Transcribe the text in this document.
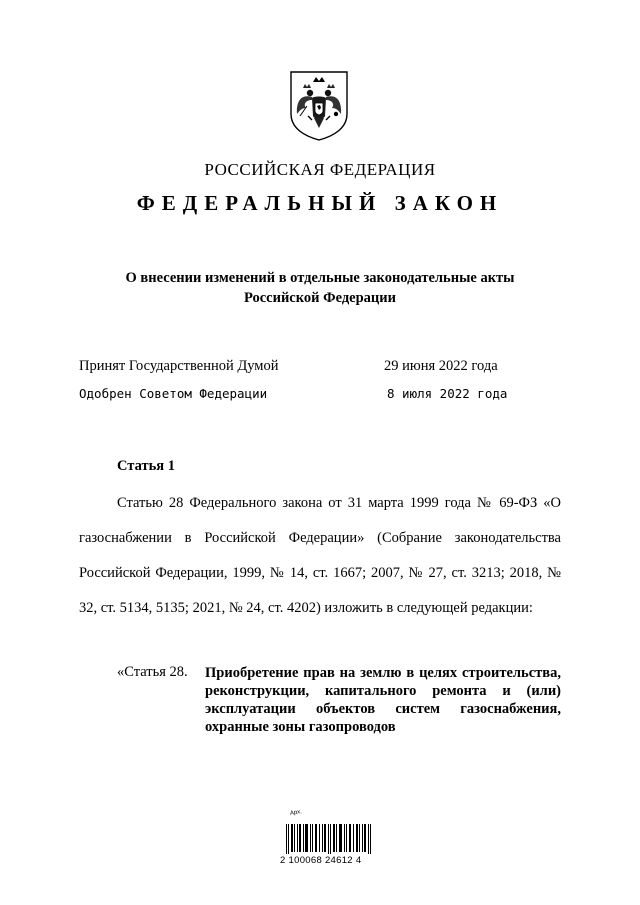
РОССИЙСКАЯ ФЕДЕРАЦИЯ
ФЕДЕРАЛЬНЫЙ ЗАКОН
О внесении изменений в отдельные законодательные акты Российской Федерации
Принят Государственной Думой	29 июня 2022 года
Одобрен Советом Федерации	8 июля 2022 года
Статья 1

Статью 28 Федерального закона от 31 марта 1999 года № 69-ФЗ «О газоснабжении в Российской Федерации» (Собрание законодательства Российской Федерации, 1999, № 14, ст. 1667; 2007, № 27, ст. 3213; 2018, № 32, ст. 5134, 5135; 2021, № 24, ст. 4202) изложить в следующей редакции:

«Статья 28. Приобретение прав на землю в целях строительства, реконструкции, капитального ремонта и (или) эксплуатации объектов систем газоснабжения, охранные зоны газопроводов

Арх.
2 100068 24612 4
